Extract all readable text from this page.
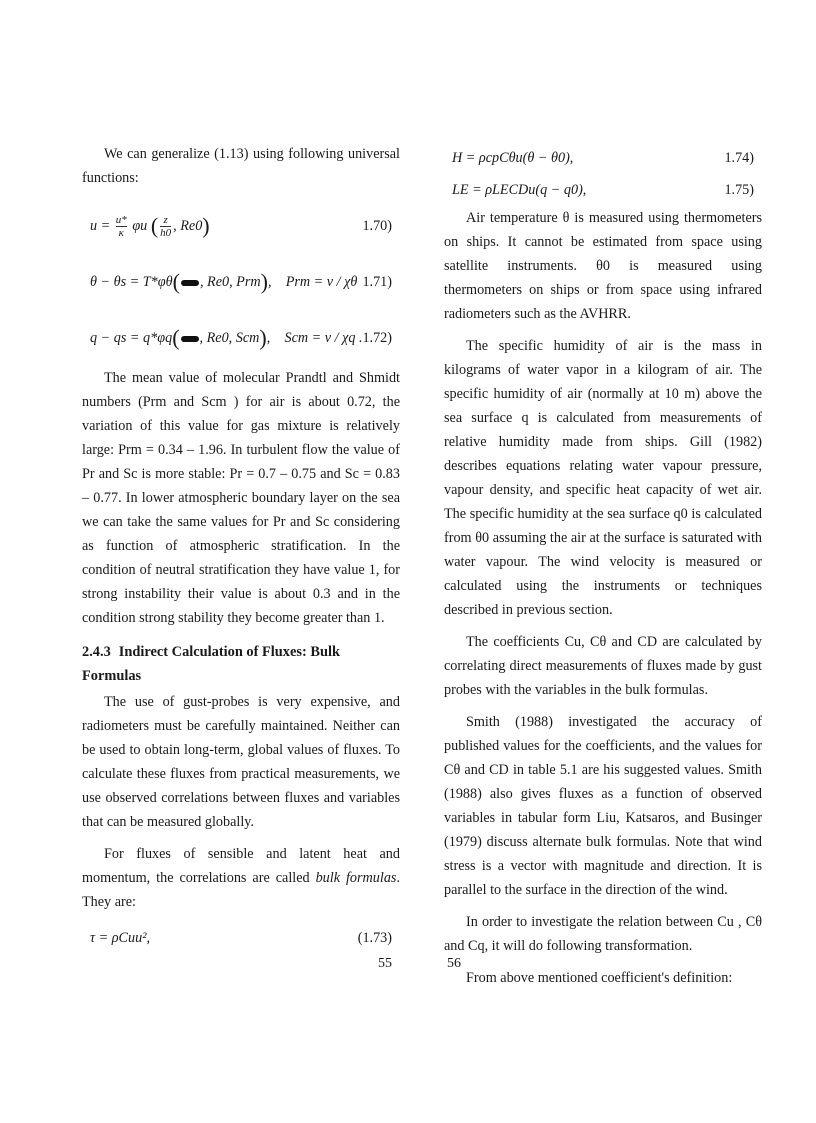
We can generalize (1.13) using following universal functions:

$u = \frac{u*}{\kappa}$ φu ( $\frac{z}{h0}$ , Re0)	1.70)
θ − θs = T*φθ( , Re0, Prm),    Prm = ν / χθ 1.71)
q − qs = q*φq( , Re0, Scm),    Scm = ν / χq . 1.72)

The mean value of molecular Prandtl and Shmidt numbers (Prm and Scm ) for air is about 0.72, the variation of this value for gas mixture is relatively large: Prm = 0.34 – 1.96. In turbulent flow the value of Pr and Sc is more stable: Pr = 0.7 – 0.75 and Sc = 0.83 – 0.77. In lower atmospheric boundary layer on the sea we can take the same values for Pr and Sc considering as function of atmospheric stratification. In the condition of neutral stratification they have value 1, for strong instability their value is about 0.3 and in the condition strong stability they become greater than 1.

2.4.3 Indirect Calculation of Fluxes: Bulk Formulas

The use of gust-probes is very expensive, and radiometers must be carefully maintained. Neither can be used to obtain long-term, global values of fluxes. To calculate these fluxes from practical measurements, we use observed correlations between fluxes and variables that can be measured globally.

For fluxes of sensible and latent heat and momentum, the correlations are called bulk formulas. They are:

τ = ρCuu²,	(1.73)
H = ρcpCθu(θ − θ0),	1.74)
LE = ρLECDu(q − q0),	1.75)

Air temperature θ is measured using thermometers on ships. It cannot be estimated from space using satellite instruments. θ0 is measured using thermometers on ships or from space using infrared radiometers such as the AVHRR.

The specific humidity of air is the mass in kilograms of water vapor in a kilogram of air. The specific humidity of air (normally at 10 m) above the sea surface q is calculated from measurements of relative humidity made from ships. Gill (1982) describes equations relating water vapour pressure, vapour density, and specific heat capacity of wet air. The specific humidity at the sea surface q0 is calculated from θ0 assuming the air at the surface is saturated with water vapour. The wind velocity is measured or calculated using the instruments or techniques described in previous section.

The coefficients Cu, Cθ and CD are calculated by correlating direct measurements of fluxes made by gust probes with the variables in the bulk formulas.

Smith (1988) investigated the accuracy of published values for the coefficients, and the values for Cθ and CD in table 5.1 are his suggested values. Smith (1988) also gives fluxes as a function of observed variables in tabular form Liu, Katsaros, and Businger (1979) discuss alternate bulk formulas. Note that wind stress is a vector with magnitude and direction. It is parallel to the surface in the direction of the wind.

In order to investigate the relation between Cu , Cθ and Cq, it will do following transformation.

From above mentioned coefficient's definition:

55	56
